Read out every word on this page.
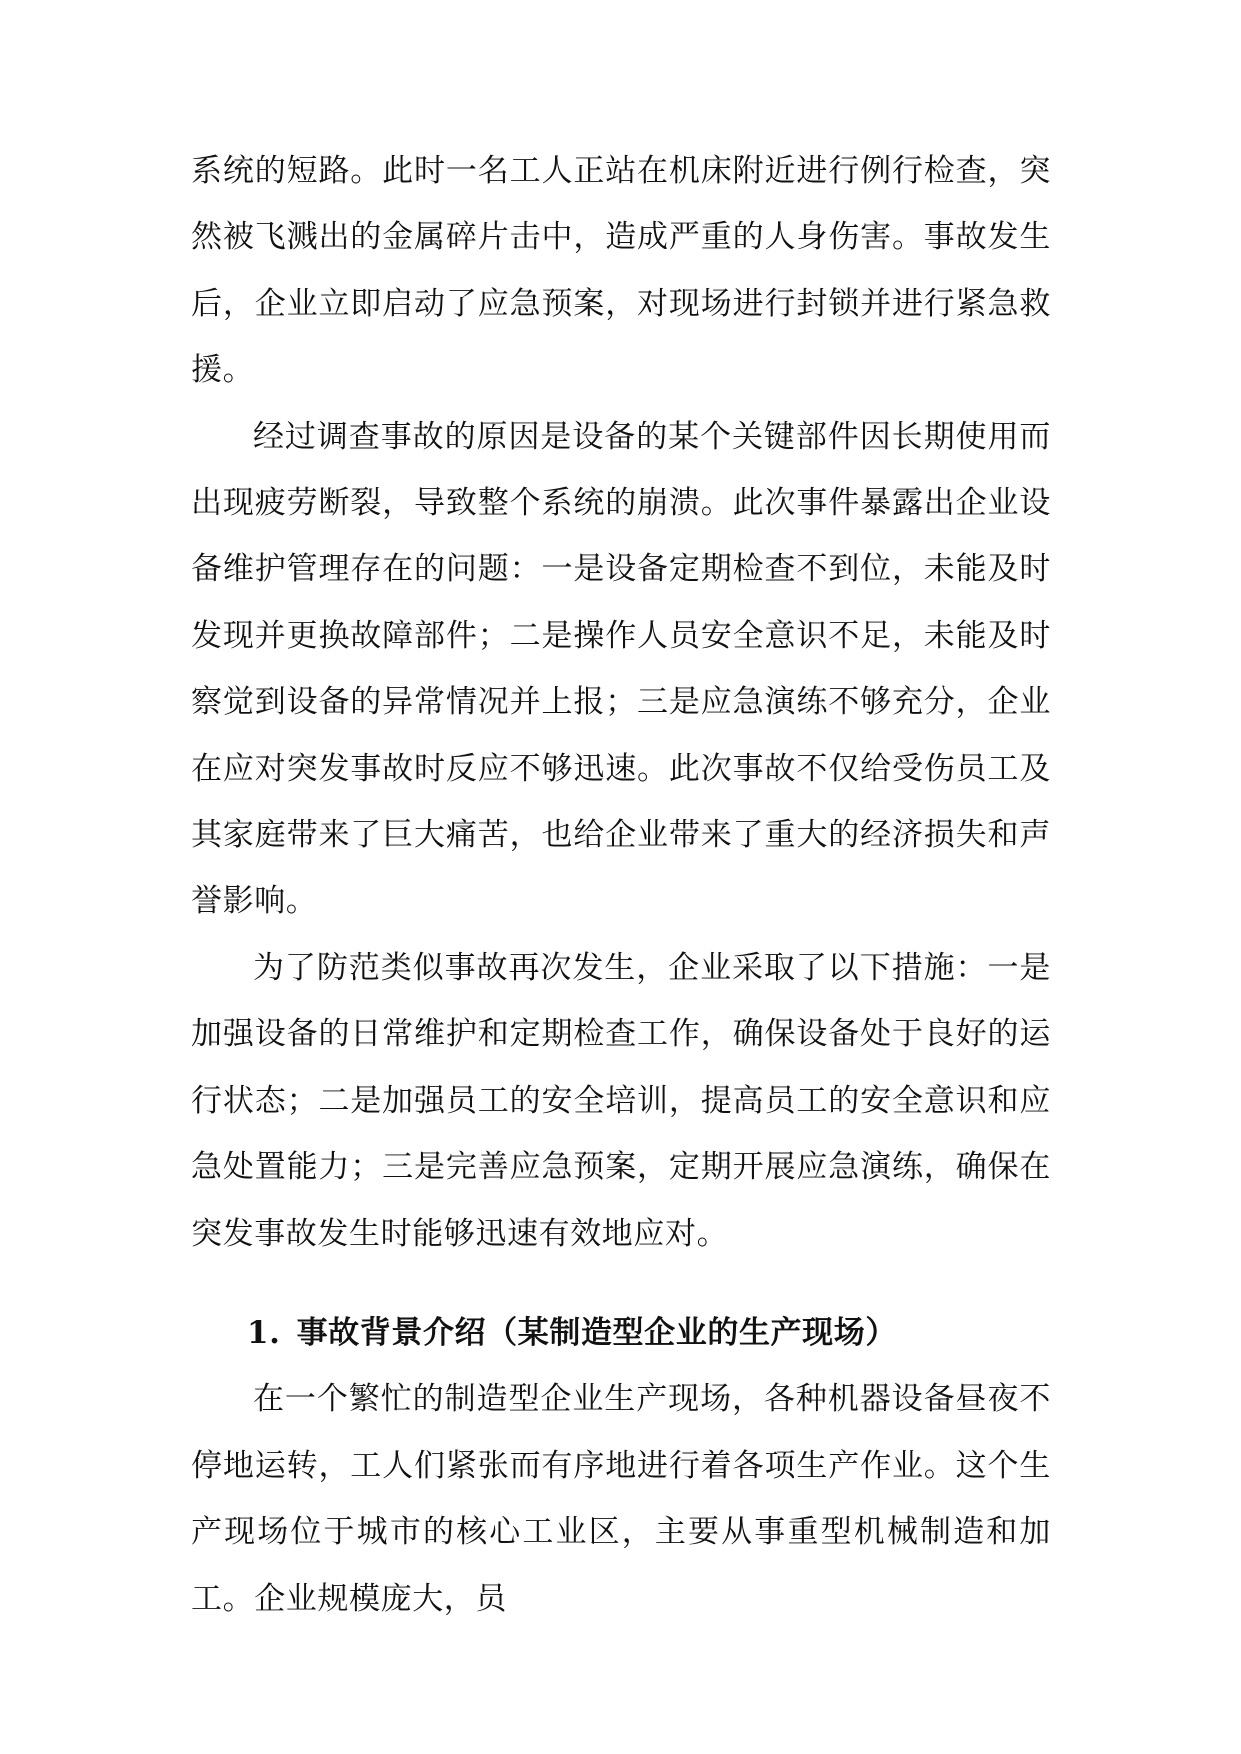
系统的短路。此时一名工人正站在机床附近进行例行检查，突然被飞溅出的金属碎片击中，造成严重的人身伤害。事故发生后，企业立即启动了应急预案，对现场进行封锁并进行紧急救援。

经过调查事故的原因是设备的某个关键部件因长期使用而出现疲劳断裂，导致整个系统的崩溃。此次事件暴露出企业设备维护管理存在的问题：一是设备定期检查不到位，未能及时发现并更换故障部件；二是操作人员安全意识不足，未能及时察觉到设备的异常情况并上报；三是应急演练不够充分，企业在应对突发事故时反应不够迅速。此次事故不仅给受伤员工及其家庭带来了巨大痛苦，也给企业带来了重大的经济损失和声誉影响。

为了防范类似事故再次发生，企业采取了以下措施：一是加强设备的日常维护和定期检查工作，确保设备处于良好的运行状态；二是加强员工的安全培训，提高员工的安全意识和应急处置能力；三是完善应急预案，定期开展应急演练，确保在突发事故发生时能够迅速有效地应对。

1. 事故背景介绍（某制造型企业的生产现场）

在一个繁忙的制造型企业生产现场，各种机器设备昼夜不停地运转，工人们紧张而有序地进行着各项生产作业。这个生产现场位于城市的核心工业区，主要从事重型机械制造和加工。企业规模庞大，员
